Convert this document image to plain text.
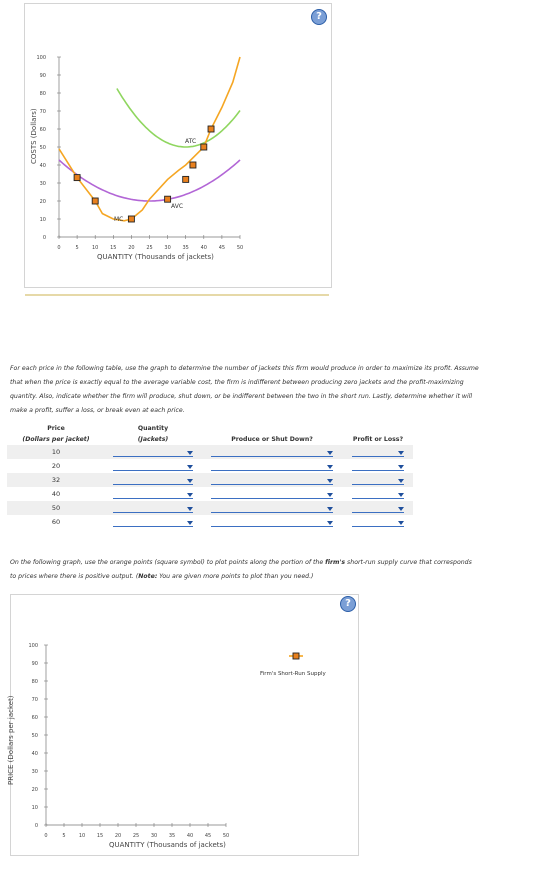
?
COSTS (Dollars)
QUANTITY (Thousands of jackets)
100
90
80
70
60
50
40
30
20
10
0
0	5	10 15 20 25 30 35 40 45 50
ATC
AVC
MC
For each price in the following table, use the graph to determine the number of jackets this firm would produce in order to maximize its profit. Assume
that when the price is exactly equal to the average variable cost, the firm is indifferent between producing zero jackets and the profit-maximizing
quantity. Also, indicate whether the firm will produce, shut down, or be indifferent between the two in the short run. Lastly, determine whether it will
make a profit, suffer a loss, or break even at each price.
Price	Quantity		
(Dollars per jacket)	(Jackets)	Produce or Shut Down?	Profit or Loss?
10	

20	

32	

40	

50	

60	

On the following graph, use the orange points (square symbol) to plot points along the portion of the firm's short-run supply curve that corresponds
to prices where there is positive output. (Note: You are given more points to plot than you need.)
?
PRICE (Dollars per jacket)
QUANTITY (Thousands of jackets)
Firm's Short-Run Supply
100
90
80
70
60
50
40
30
20
10
0
0	5	10 15 20 25 30 35 40 45 50
